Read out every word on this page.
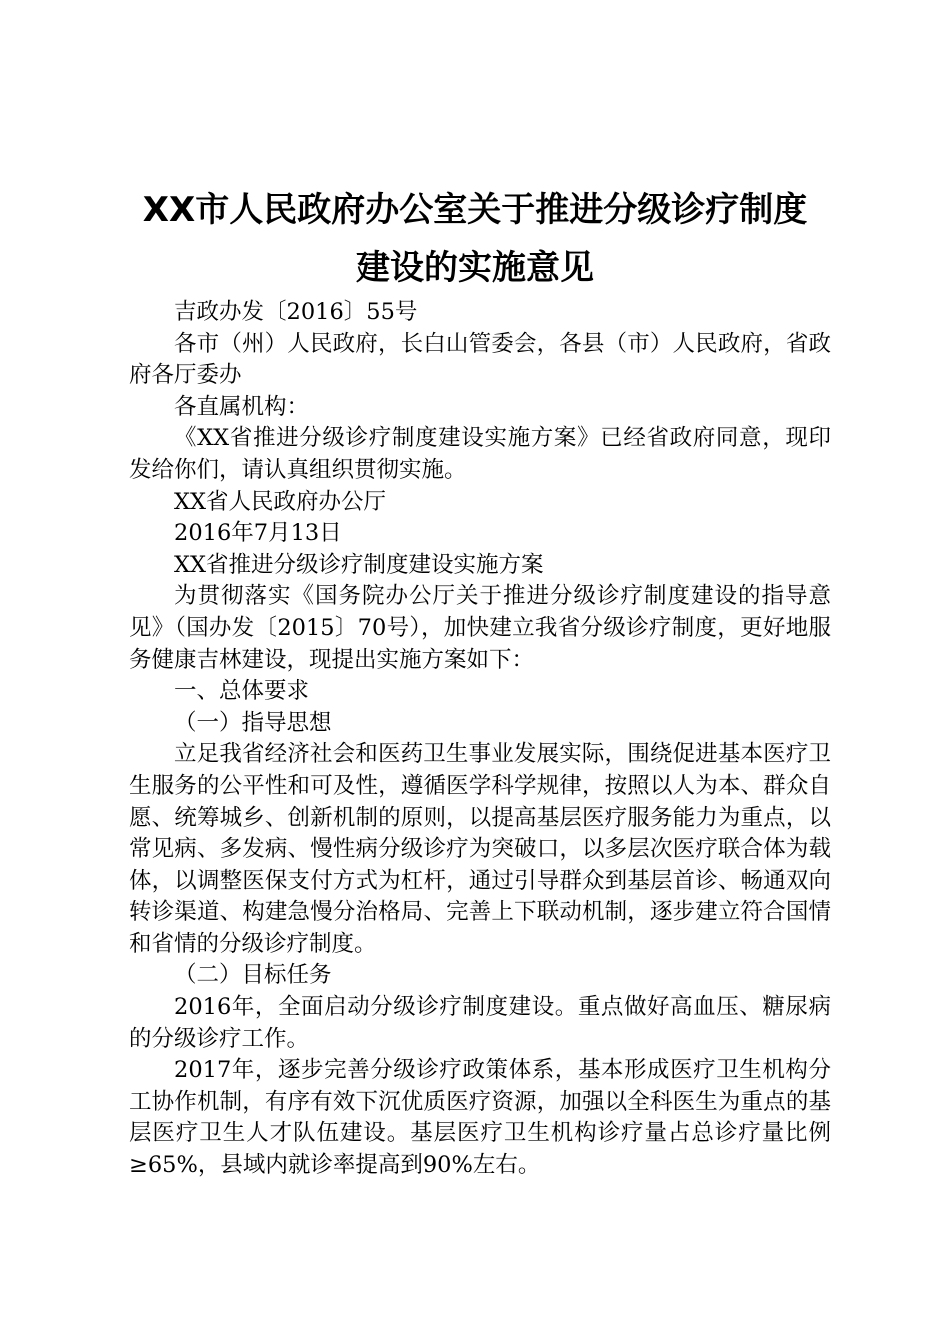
XX市人民政府办公室关于推进分级诊疗制度
建设的实施意见

吉政办发〔2016〕55号

各市（州）人民政府，长白山管委会，各县（市）人民政府，省政府各厅委办

各直属机构：

《XX省推进分级诊疗制度建设实施方案》已经省政府同意，现印发给你们，请认真组织贯彻实施。

XX省人民政府办公厅

2016年7月13日

XX省推进分级诊疗制度建设实施方案

为贯彻落实《国务院办公厅关于推进分级诊疗制度建设的指导意见》（国办发〔2015〕70号），加快建立我省分级诊疗制度，更好地服务健康吉林建设，现提出实施方案如下：

一、总体要求

（一）指导思想

立足我省经济社会和医药卫生事业发展实际，围绕促进基本医疗卫生服务的公平性和可及性，遵循医学科学规律，按照以人为本、群众自愿、统筹城乡、创新机制的原则，以提高基层医疗服务能力为重点，以常见病、多发病、慢性病分级诊疗为突破口，以多层次医疗联合体为载体，以调整医保支付方式为杠杆，通过引导群众到基层首诊、畅通双向转诊渠道、构建急慢分治格局、完善上下联动机制，逐步建立符合国情和省情的分级诊疗制度。

（二）目标任务

2016年，全面启动分级诊疗制度建设。重点做好高血压、糖尿病的分级诊疗工作。

2017年，逐步完善分级诊疗政策体系，基本形成医疗卫生机构分工协作机制，有序有效下沉优质医疗资源，加强以全科医生为重点的基层医疗卫生人才队伍建设。基层医疗卫生机构诊疗量占总诊疗量比例≥65%，县域内就诊率提高到90%左右。
